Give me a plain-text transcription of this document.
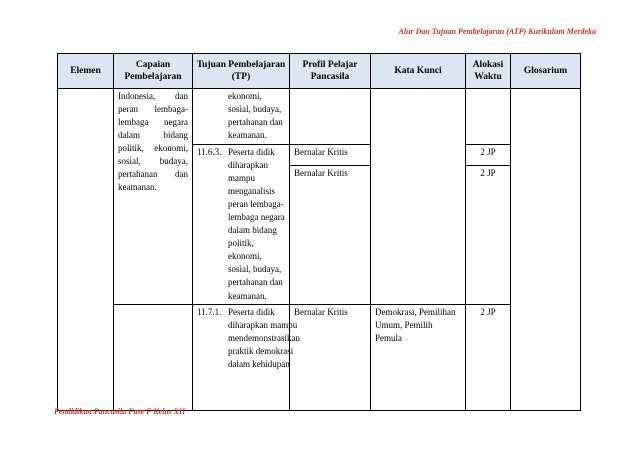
Alur Dan Tujuan Pembelajaran (ATP) Kurikulum Merdeka
Elemen	Capaian Pembelajaran	Tujuan Pembelajaran (TP)	Profil Pelajar Pancasila	Kata Kunci	Alokasi Waktu	Glosarium
	Indonesia, dan peran lembaga-lembaga negara dalam bidang politik, ekonomi, sosial, budaya, pertahanan dan keamanan.	ekonomi, sosial, budaya, pertahanan dan keamanan.				

		11.6.3. Peserta didik diharapkan mampu menganalisis peran lembaga-lembaga negara dalam bidang politik, ekonomi, sosial, budaya, pertahanan dan keamanan.	Bernalar Kritis		2 JP	
			Bernalar Kritis		2 JP	

		11.7.1. Peserta didik diharapkan mampu mendemonstrasikan praktik demokrasi dalam kehidupan	Bernalar Kritis	Demokrasi, Pemilihan Umum, Pemilih Pemula	2 JP	
Pendidikan Pancasila Fase F Kelas XII
